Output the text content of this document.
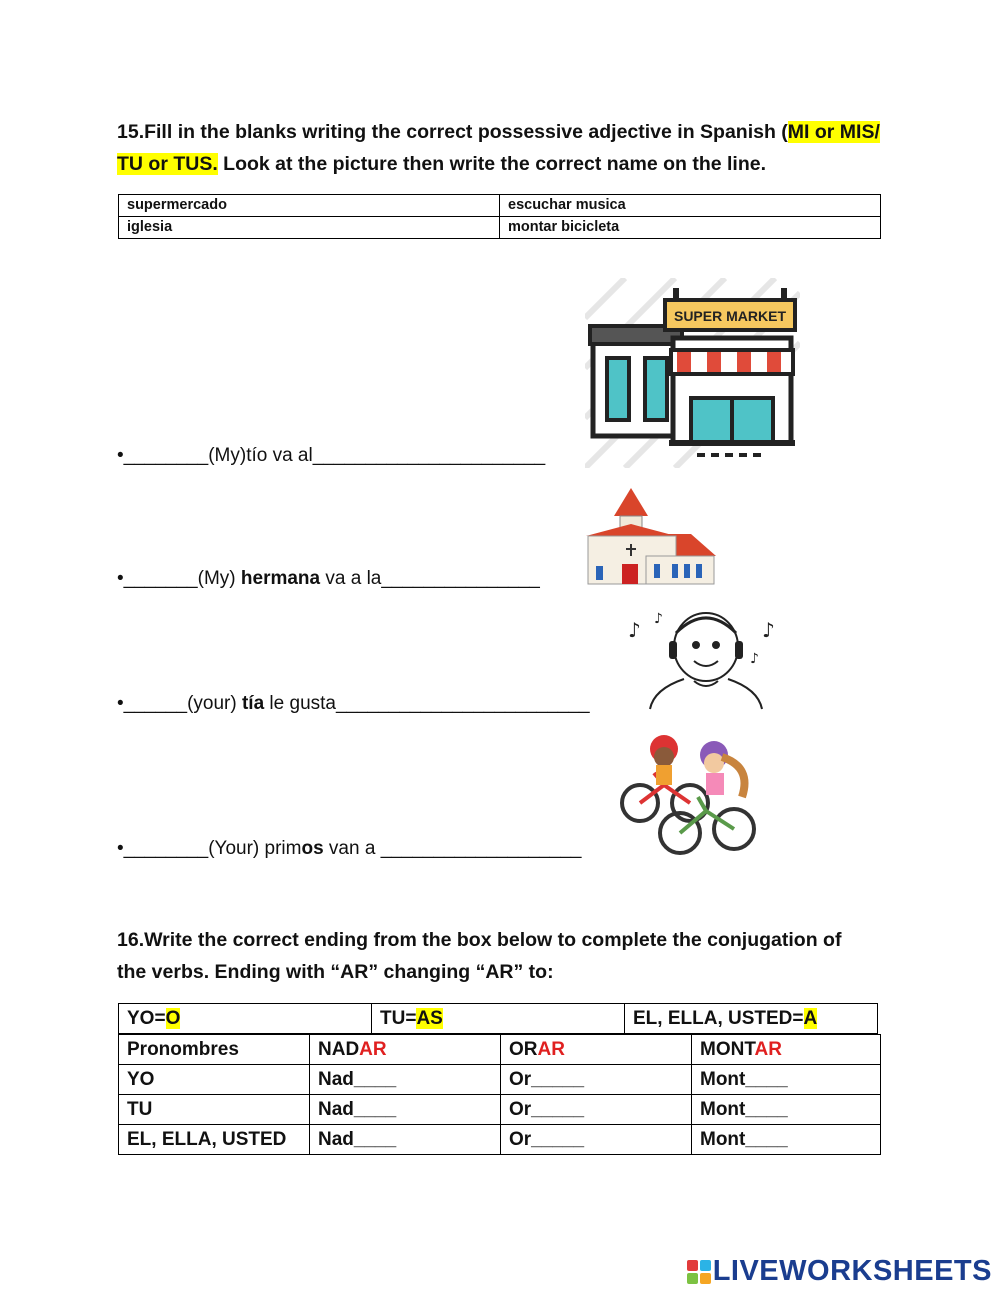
15.Fill in the blanks writing the correct possessive adjective in Spanish (MI or MIS/ TU or TUS. Look at the picture then write the correct name on the line.
supermercado	escuchar musica
iglesia	montar bicicleta
SUPER MARKET
♪	♪
♪
♪
•________(My)tío va al______________________
•_______(My) hermana va a la_______________
•______(your) tía le gusta________________________
•________(Your) primos van a ___________________
16.Write the correct ending from the box below to complete the conjugation of
the verbs. Ending with “AR” changing “AR” to:
YO=O	TU=AS	EL, ELLA, USTED=A
Pronombres	NADAR	ORAR	MONTAR
YO	Nad____	Or_____	Mont____
TU	Nad____	Or_____	Mont____
EL, ELLA, USTED	Nad____	Or_____	Mont____
LIVEWORKSHEETS
